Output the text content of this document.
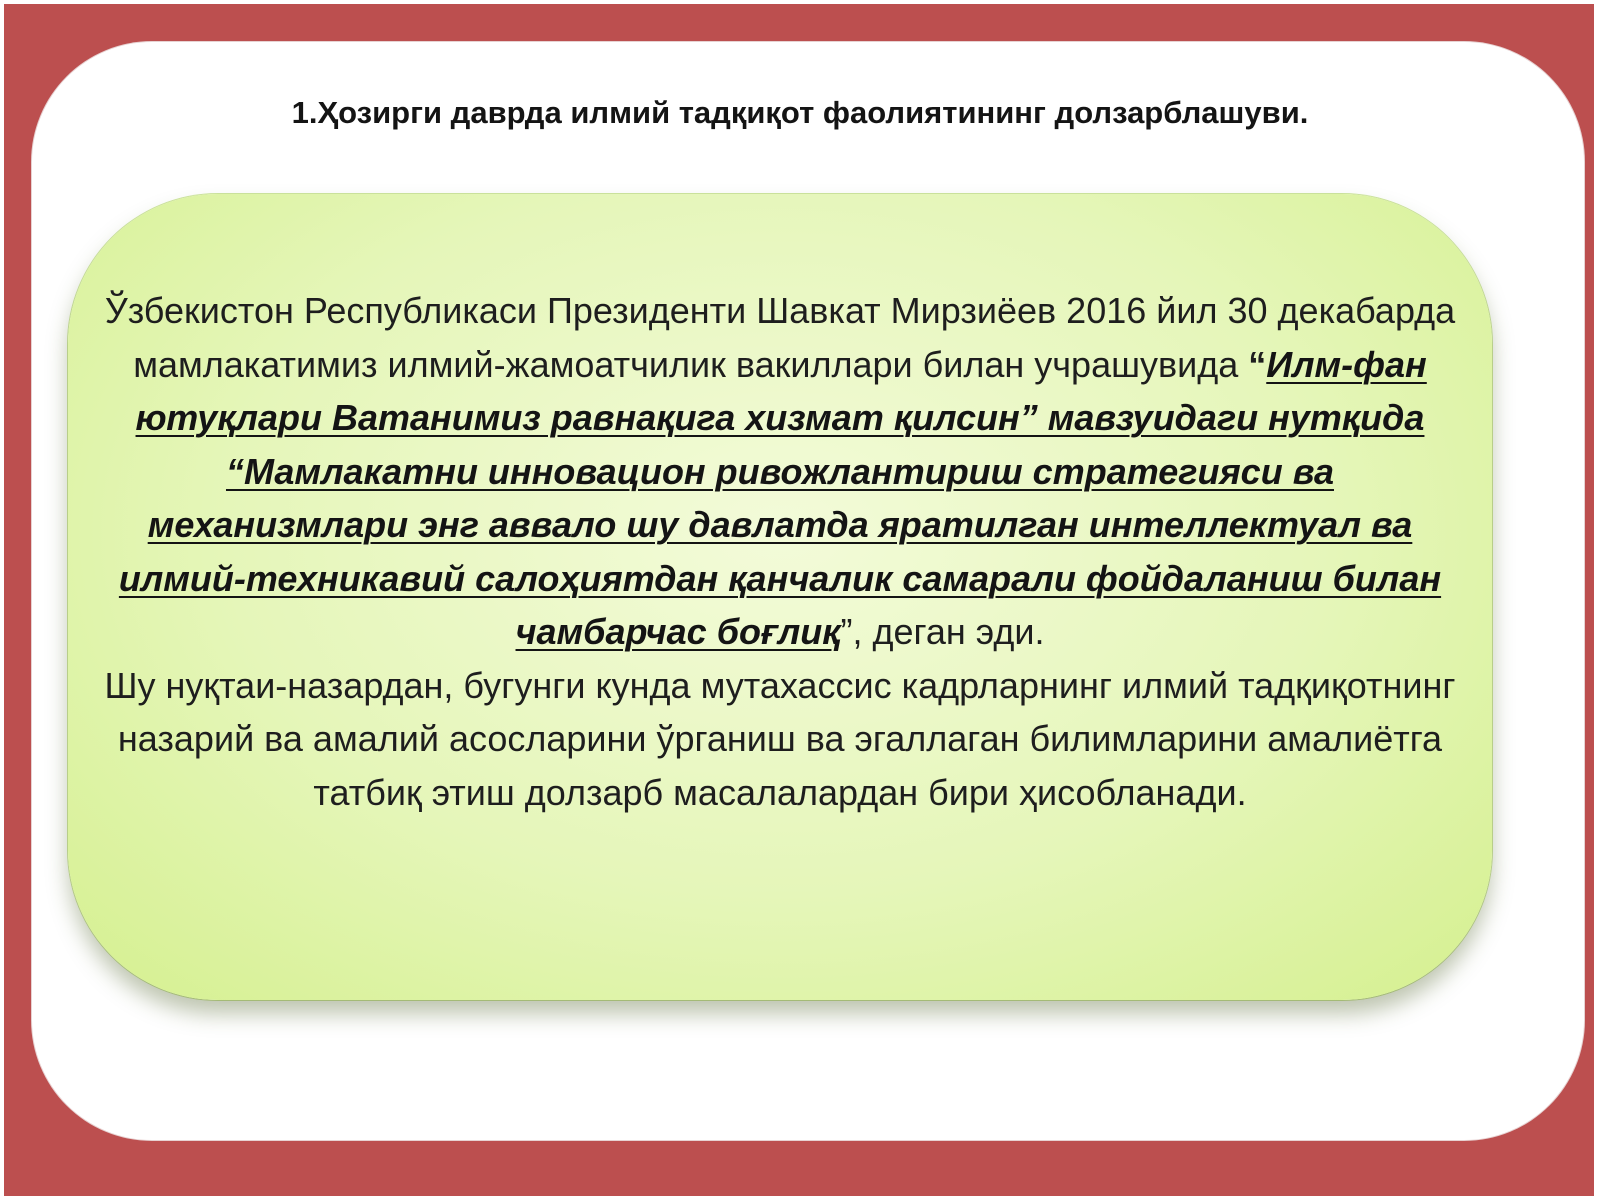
1.Ҳозирги даврда илмий тадқиқот фаолиятининг долзарблашуви.
Ўзбекистон Республикаси Президенти Шавкат Мирзиёев 2016 йил 30 декабарда мамлакатимиз илмий-жамоатчилик вакиллари билан учрашувида “Илм-фан ютуқлари Ватанимиз равнақига хизмат қилсин” мавзуидаги нутқида “Мамлакатни инновацион ривожлантириш стратегияси ва механизмлари энг аввало шу давлатда яратилган интеллектуал ва илмий-техникавий салоҳиятдан қанчалик самарали фойдаланиш билан чамбарчас боғлиқ”, деган эди.
Шу нуқтаи-назардан, бугунги кунда мутахассис кадрларнинг илмий тадқиқотнинг назарий ва амалий асосларини ўрганиш ва эгаллаган билимларини амалиётга татбиқ этиш долзарб масалалардан бири ҳисобланади.
